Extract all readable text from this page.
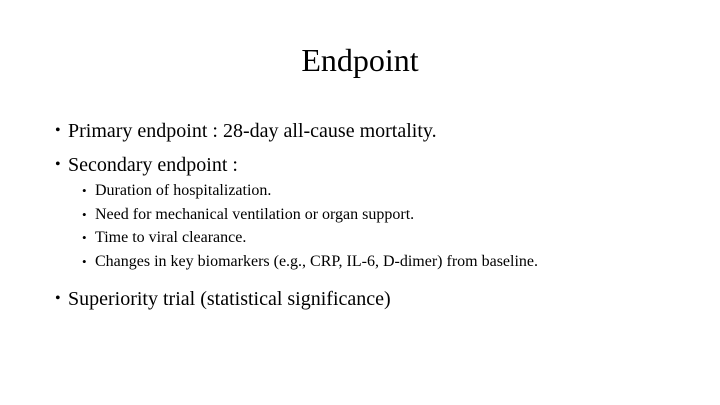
Endpoint
• Primary endpoint : 28-day all-cause mortality.
• Secondary endpoint :
• Duration of hospitalization.
• Need for mechanical ventilation or organ support.
• Time to viral clearance.
• Changes in key biomarkers (e.g., CRP, IL-6, D-dimer) from baseline.
• Superiority trial (statistical significance)
